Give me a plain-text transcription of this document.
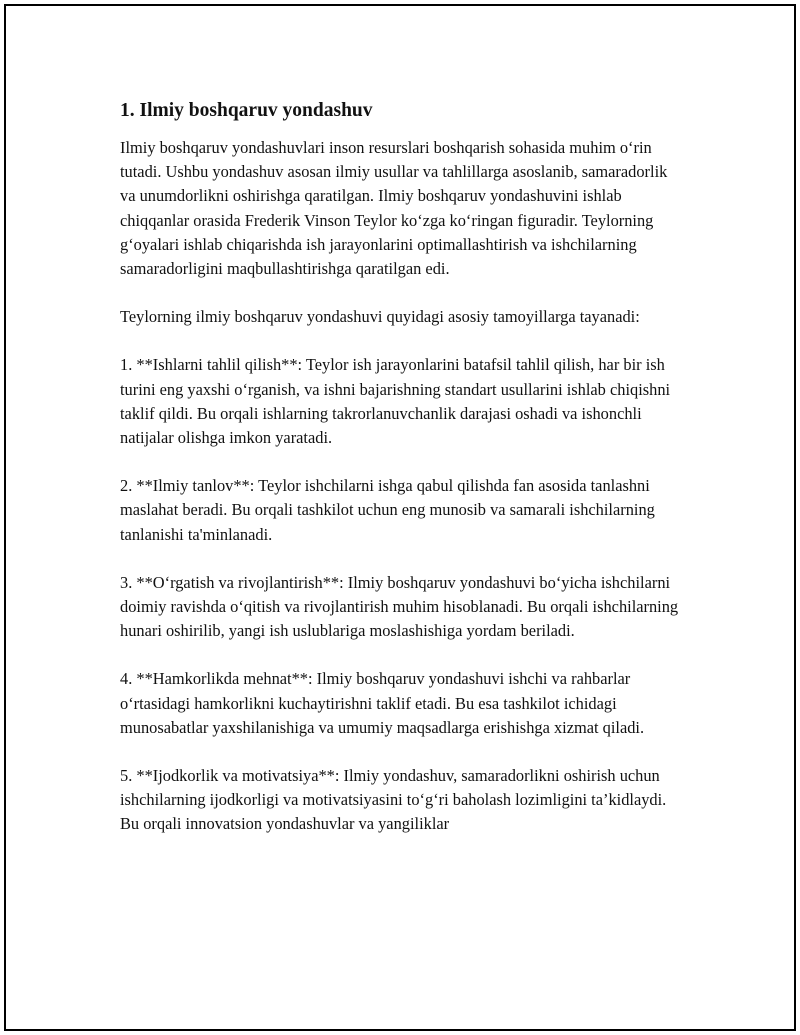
1. Ilmiy boshqaruv yondashuv

Ilmiy boshqaruv yondashuvlari inson resurslari boshqarish sohasida muhim o‘rin tutadi. Ushbu yondashuv asosan ilmiy usullar va tahlillarga asoslanib, samaradorlik va unumdorlikni oshirishga qaratilgan. Ilmiy boshqaruv yondashuvini ishlab chiqqanlar orasida Frederik Vinson Teylor ko‘zga ko‘ringan figuradir. Teylorning g‘oyalari ishlab chiqarishda ish jarayonlarini optimallashtirish va ishchilarning samaradorligini maqbullashtirishga qaratilgan edi.

Teylorning ilmiy boshqaruv yondashuvi quyidagi asosiy tamoyillarga tayanadi:

1. **Ishlarni tahlil qilish**: Teylor ish jarayonlarini batafsil tahlil qilish, har bir ish turini eng yaxshi o‘rganish, va ishni bajarishning standart usullarini ishlab chiqishni taklif qildi. Bu orqali ishlarning takrorlanuvchanlik darajasi oshadi va ishonchli natijalar olishga imkon yaratadi.

2. **Ilmiy tanlov**: Teylor ishchilarni ishga qabul qilishda fan asosida tanlashni maslahat beradi. Bu orqali tashkilot uchun eng munosib va samarali ishchilarning tanlanishi ta'minlanadi.

3. **O‘rgatish va rivojlantirish**: Ilmiy boshqaruv yondashuvi bo‘yicha ishchilarni doimiy ravishda o‘qitish va rivojlantirish muhim hisoblanadi. Bu orqali ishchilarning hunari oshirilib, yangi ish uslublariga moslashishiga yordam beriladi.

4. **Hamkorlikda mehnat**: Ilmiy boshqaruv yondashuvi ishchi va rahbarlar o‘rtasidagi hamkorlikni kuchaytirishni taklif etadi. Bu esa tashkilot ichidagi munosabatlar yaxshilanishiga va umumiy maqsadlarga erishishga xizmat qiladi.

5. **Ijodkorlik va motivatsiya**: Ilmiy yondashuv, samaradorlikni oshirish uchun ishchilarning ijodkorligi va motivatsiyasini to‘g‘ri baholash lozimligini ta’kidlaydi. Bu orqali innovatsion yondashuvlar va yangiliklar
